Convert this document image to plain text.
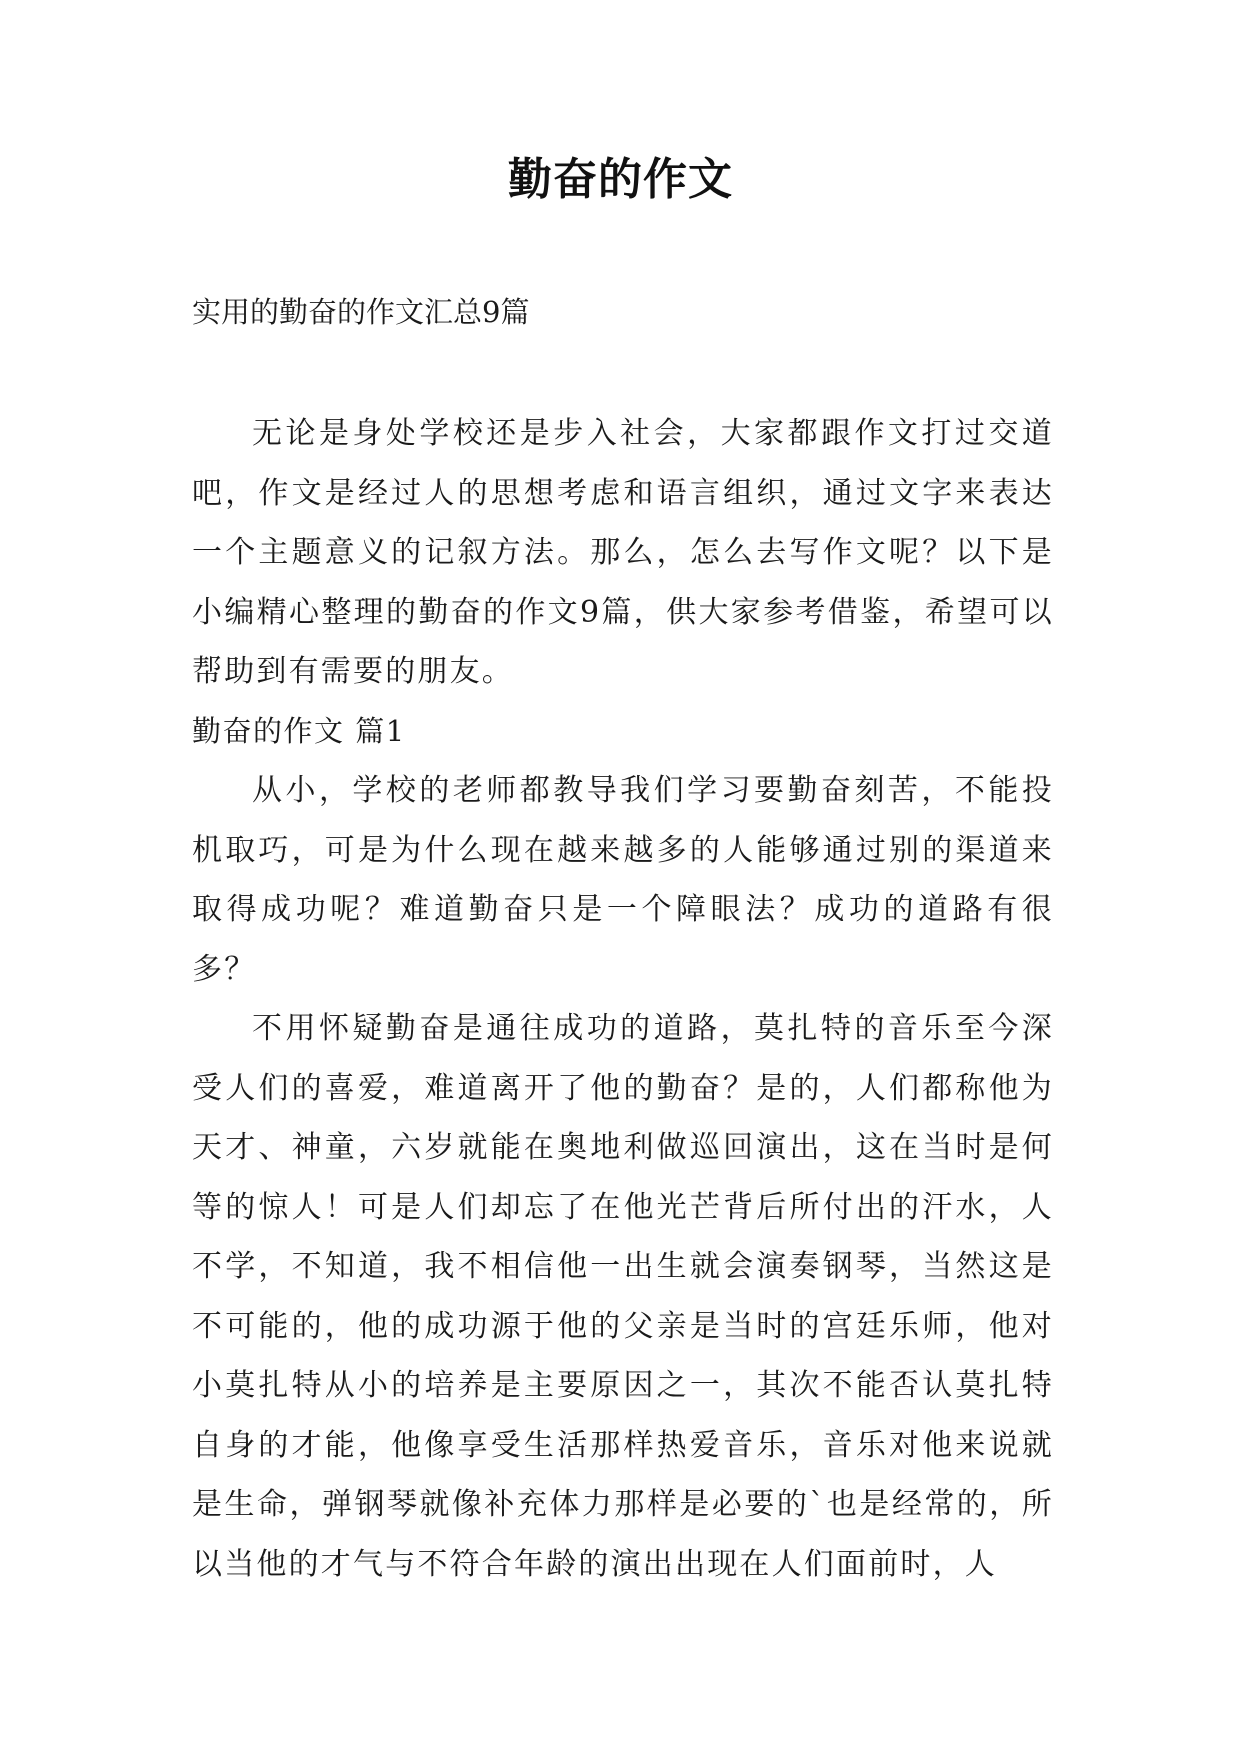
勤奋的作文
实用的勤奋的作文汇总9篇

无论是身处学校还是步入社会，大家都跟作文打过交道吧，作文是经过人的思想考虑和语言组织，通过文字来表达一个主题意义的记叙方法。那么，怎么去写作文呢？以下是小编精心整理的勤奋的作文9篇，供大家参考借鉴，希望可以帮助到有需要的朋友。

勤奋的作文 篇1

从小，学校的老师都教导我们学习要勤奋刻苦，不能投机取巧，可是为什么现在越来越多的人能够通过别的渠道来取得成功呢？难道勤奋只是一个障眼法？成功的道路有很多？

不用怀疑勤奋是通往成功的道路，莫扎特的音乐至今深受人们的喜爱，难道离开了他的勤奋？是的，人们都称他为天才、神童，六岁就能在奥地利做巡回演出，这在当时是何等的惊人！可是人们却忘了在他光芒背后所付出的汗水，人不学，不知道，我不相信他一出生就会演奏钢琴，当然这是不可能的，他的成功源于他的父亲是当时的宫廷乐师，他对小莫扎特从小的培养是主要原因之一，其次不能否认莫扎特自身的才能，他像享受生活那样热爱音乐，音乐对他来说就是生命，弹钢琴就像补充体力那样是必要的`也是经常的，所以当他的才气与不符合年龄的演出出现在人们面前时，人
